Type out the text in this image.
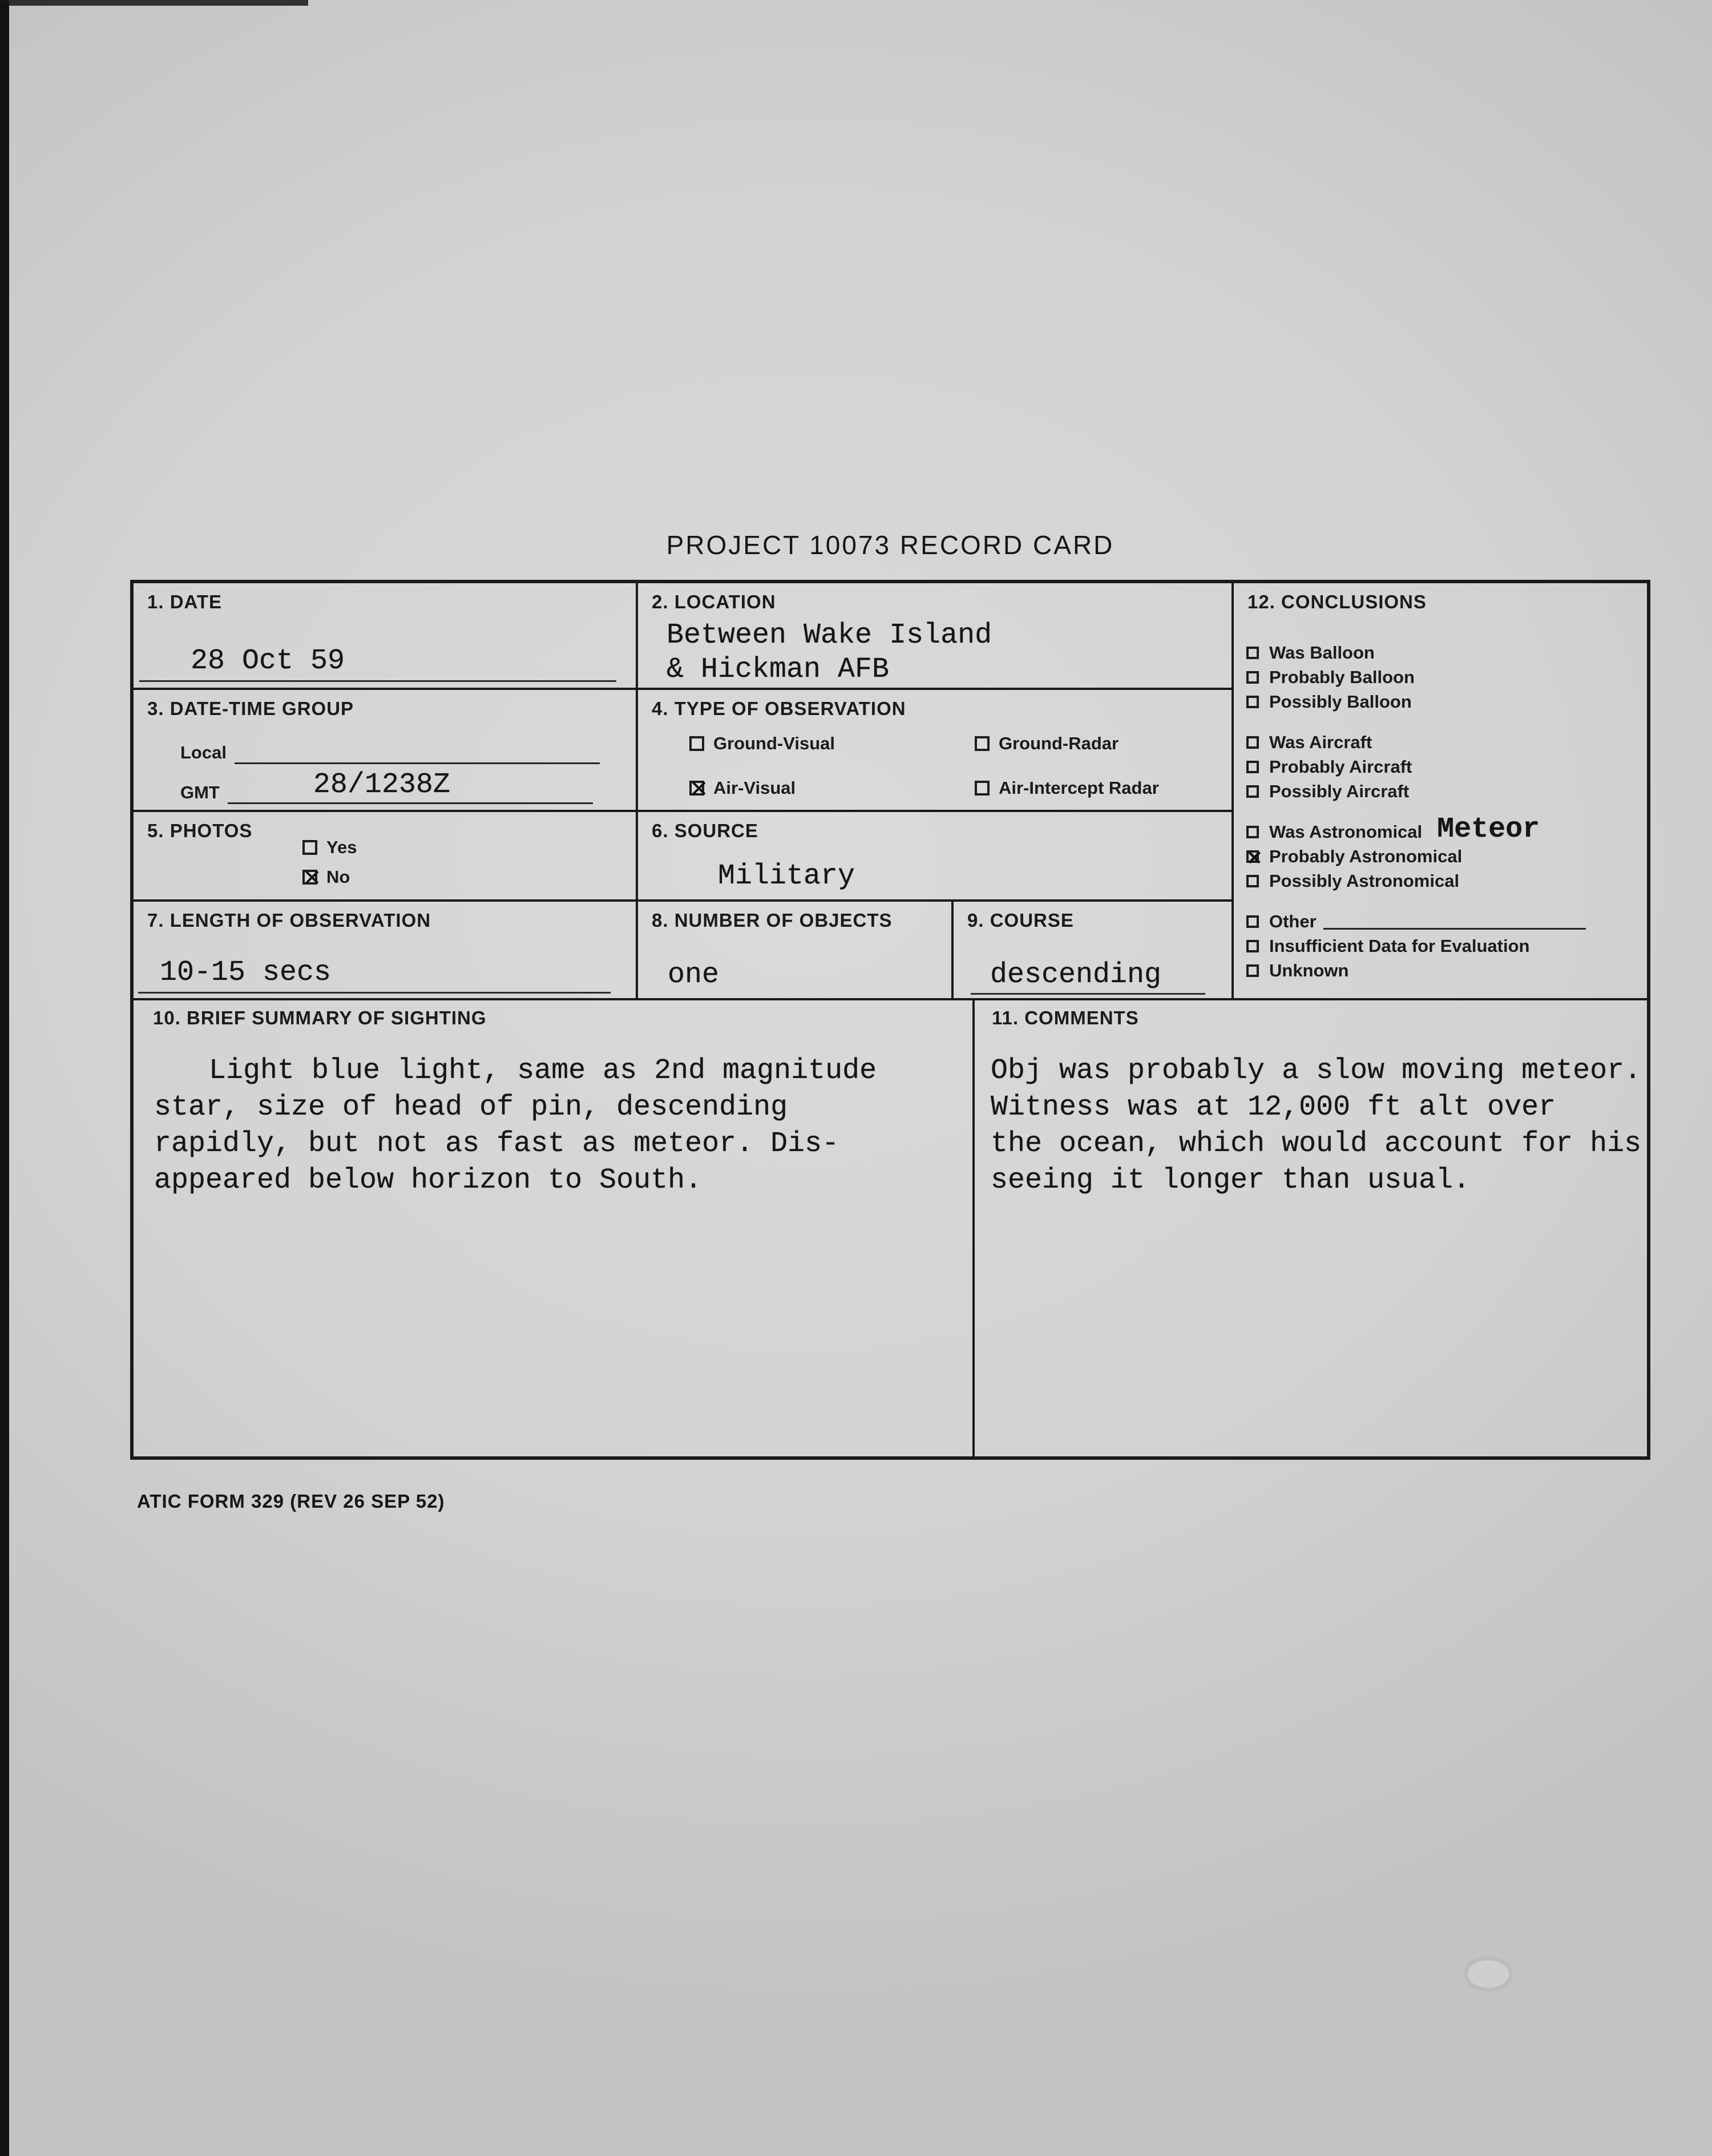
PROJECT 10073 RECORD CARD
1. DATE
28 Oct 59
2. LOCATION
Between Wake Island
& Hickman AFB
3. DATE-TIME GROUP
Local
GMT	28/1238Z
4. TYPE OF OBSERVATION
Ground-Visual	Ground-Radar
✕
Air-Visual	Air-Intercept Radar
5. PHOTOS
Yes
✕
No
6. SOURCE
Military
7. LENGTH OF OBSERVATION
10-15 secs
8. NUMBER OF OBJECTS
one
9. COURSE
descending
12. CONCLUSIONS
Was Balloon
Probably Balloon
Possibly Balloon
Was Aircraft
Probably Aircraft
Possibly Aircraft
Was Astronomical Meteor
✕
Probably Astronomical
Possibly Astronomical
Other
Insufficient Data for Evaluation
Unknown
10. BRIEF SUMMARY OF SIGHTING
Light blue light, same as 2nd magnitude
star, size of head of pin, descending
rapidly, but not as fast as meteor. Dis-
appeared below horizon to South.
11. COMMENTS
Obj was probably a slow moving meteor.
Witness was at 12,000 ft alt over
the ocean, which would account for his
seeing it longer than usual.
ATIC FORM 329 (REV 26 SEP 52)
